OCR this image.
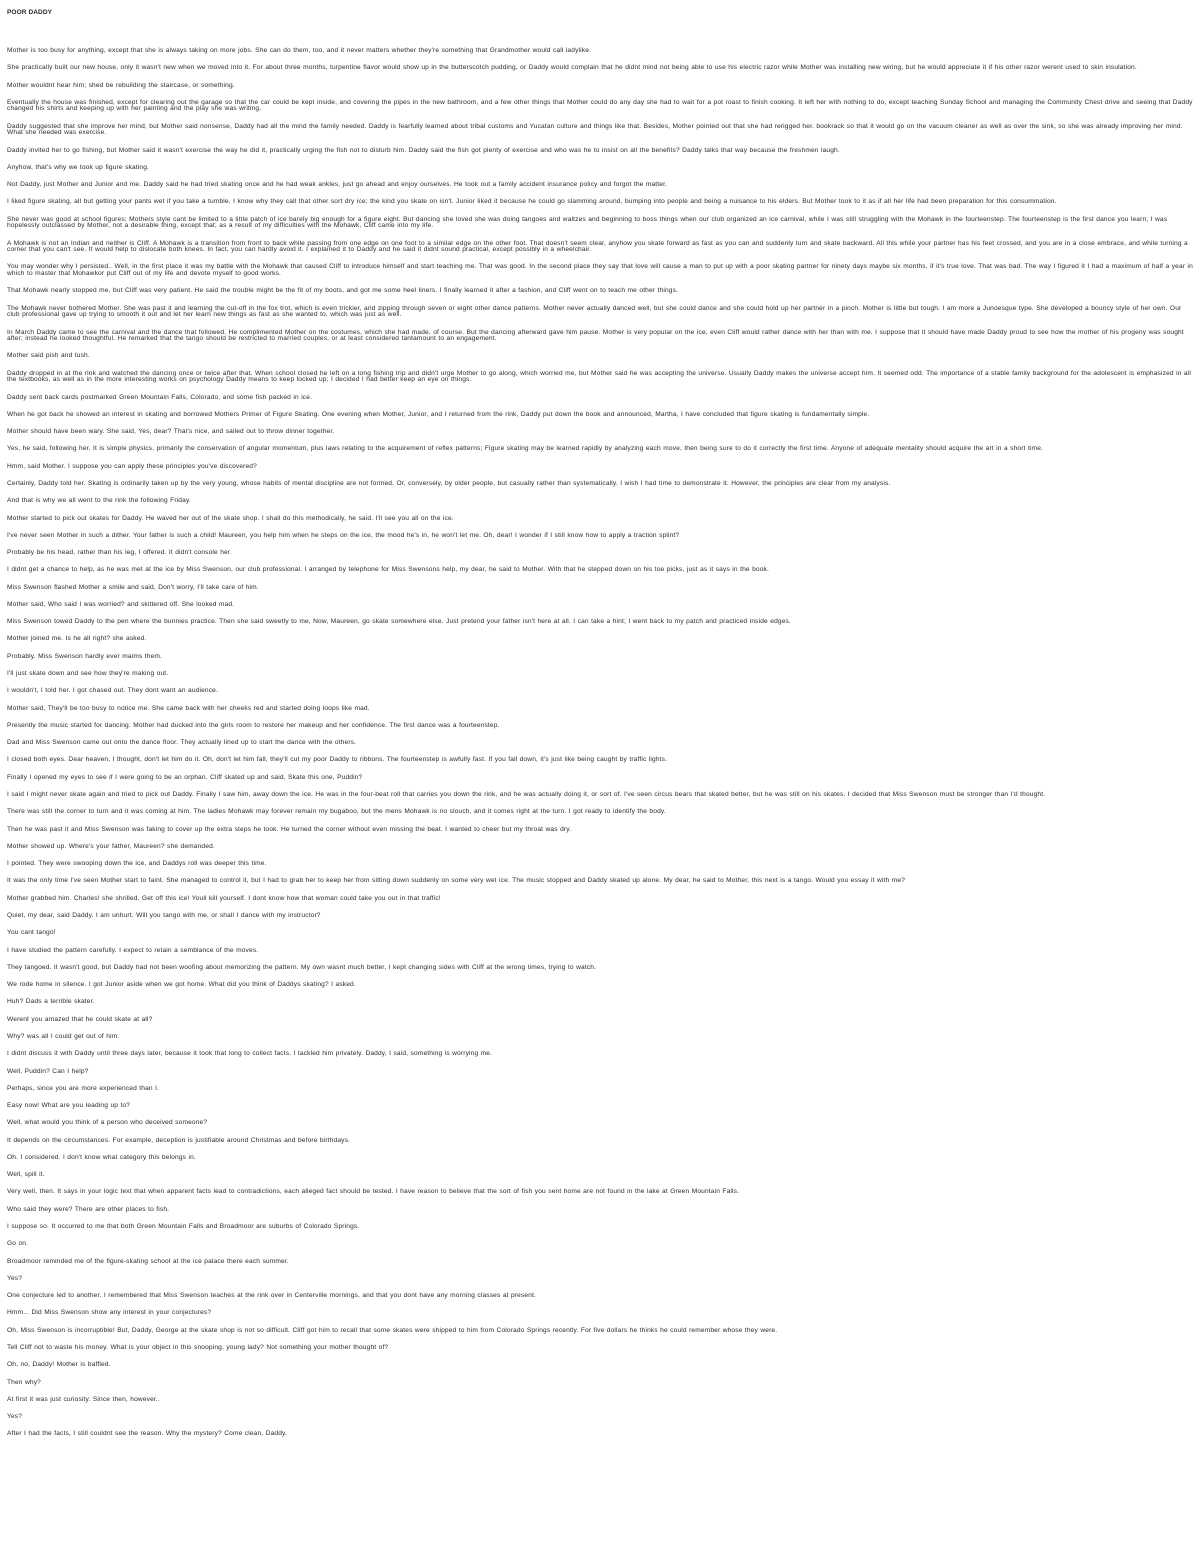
POOR DADDY

Mother is too busy for anything, except that she is always taking on more jobs. She can do them, too, and it never matters whether they're something that Grandmother would call ladylike.

She practically built our new house, only it wasn't new when we moved into it. For about three months, turpentine flavor would show up in the butterscotch pudding, or Daddy would complain that he didnt mind not being able to use his electric razor while Mother was installing new wiring, but he would appreciate it if his other razor werent used to skin insulation.

Mother wouldnt hear him; shed be rebuilding the staircase, or something.

Eventually the house was finished, except for clearing out the garage so that the car could be kept inside, and covering the pipes in the new bathroom, and a few other things that Mother could do any day she had to wait for a pot roast to finish cooking. It left her with nothing to do, except teaching Sunday School and managing the Community Chest drive and seeing that Daddy changed his shirts and keeping up with her painting and the play she was writing.

Daddy suggested that she improve her mind, but Mother said nonsense, Daddy had all the mind the family needed. Daddy is fearfully learned about tribal customs and Yucatan culture and things like that. Besides, Mother pointed out that she had rerigged her. bookrack so that it would go on the vacuum cleaner as well as over the sink, so she was already improving her mind. What she needed was exercise.

Daddy invited her to go fishing, but Mother said it wasn't exercise the way he did it, practically urging the fish not to disturb him. Daddy said the fish got plenty of exercise and who was he to insist on all the benefits? Daddy talks that way because the freshmen laugh.

Anyhow, that's why we took up figure skating.

Not Daddy, just Mother and Junior and me. Daddy said he had tried skating once and he had weak ankles, just go ahead and enjoy ourselves. He took out a family accident insurance policy and forgot the matter.

I liked figure skating, all but getting your pants wet if you take a tumble. I know why they call that other sort dry ice; the kind you skate on isn't. Junior liked it because he could go slamming around, bumping into people and being a nuisance to his elders. But Mother took to it as if all her life had been preparation for this consummation.

She never was good at school figures; Mothers style cant be limited to a little patch of ice barely big enough for a figure eight. But dancing she loved she was doing tangoes and waltzes and beginning to boss things when our club organized an ice carnival, while I was still struggling with the Mohawk in the fourteenstep. The fourteenstep is the first dance you learn; I was hopelessly outclassed by Mother, not a desirable thing, except that; as a result of my difficulties with the Mohawk, Cliff came into my life.

A Mohawk is not an Indian and neither is Cliff. A Mohawk is a transition from front to back while passing from one edge on one foot to a similar edge on the other foot. That doesn't seem clear, anyhow you skate forward as fast as you can and suddenly turn and skate backward. All this while your partner has his feet crossed, and you are in a close embrace, and while turning a corner that you can't see. It would help to dislocate both knees. In fact, you can hardly avoid it. I explained it to Daddy and he said it didnt sound practical, except possibly in a wheelchair.

You may wonder why I persisted.. Well, in the first place it was my battle with the Mohawk that caused Cliff to introduce himself and start teaching me. That was good. In the second place they say that love will cause a man to put up with a poor skating partner for ninety days maybe six months, if it's true love. That was bad. The way I figured it I had a maximum of half a year in which to master that Mohawkor put Cliff out of my life and devote myself to good works.

That Mohawk nearly stopped me, but Cliff was very patient. He said the trouble might be the fit of my boots, and got me some heel liners. I finally learned it after a fashion, and Cliff went on to teach me other things.

The Mohawk never bothered Mother. She was past it and learning the cut-off in the fox trot, which is even trickier, and zipping through seven or eight other dance patterns. Mother never actually danced well, but she could dance and she could hold up her partner in a pinch. Mother is little but tough. I am more a Junoesque type. She developed a bouncy style of her own. Our club professional gave up trying to smooth it out and let her learn new things as fast as she wanted to, which was just as well.

In March Daddy came to see the carnival and the dance that followed. He complimented Mother on the costumes, which she had made, of course. But the dancing afterward gave him pause. Mother is very popular on the ice, even Cliff would rather dance with her than with me. I suppose that it should have made Daddy proud to see how the mother of his progeny was sought after; instead he looked thoughtful. He remarked that the tango should be restricted to married couples, or at least considered tantamount to an engagement.

Mother said pish and tush.

Daddy dropped in at the rink and watched the dancing once or twice after that. When school closed he left on a long fishing trip and didn't urge Mother to go along, which worried me, but Mother said he was accepting the universe. Usually Daddy makes the universe accept him. It seemed odd. The importance of a stable family background for the adolescent is emphasized in all the textbooks, as well as in the more interesting works on psychology Daddy means to keep locked up; I decided I had better keep an eye on things.

Daddy sent back cards postmarked Green Mountain Falls, Colorado, and some fish packed in ice.

When he got back he showed an interest in skating and borrowed Mothers Primer of Figure Skating. One evening when Mother, Junior, and I returned from the rink, Daddy put down the book and announced, Martha, I have concluded that figure skating is fundamentally simple.

Mother should have been wary. She said, Yes, dear? That's nice, and sailed out to throw dinner together.

Yes, he said, following her. It is simple physics, primarily the conservation of angular momentum, plus laws relating to the acquirement of reflex patterns; Figure skating may be learned rapidly by analyzing each move, then being sure to do it correctly the first time. Anyone of adequate mentality should acquire the art in a short time.

Hmm, said Mother. I suppose you can apply these principles you've discovered?

Certainly, Daddy told her. Skating is ordinarily taken up by the very young, whose habits of mental discipline are not formed. Or, conversely, by older people, but casually rather than systematically. I wish I had time to demonstrate it. However, the principles are clear from my analysis.

And that is why we all went to the rink the following Friday.

Mother started to pick out skates for Daddy. He waved her out of the skate shop. I shall do this methodically, he said. I'll see you all on the ice.

I've never seen Mother in such a dither. Your father is such a child! Maureen, you help him when he steps on the ice, the mood he's in, he won't let me. Oh, dear! I wonder if I still know how to apply a traction splint?

Probably be his head, rather than his leg, I offered. It didn't console her.

I didnt get a chance to help, as he was met at the ice by Miss Swenson, our club professional. I arranged by telephone for Miss Swensons help, my dear, he said to Mother. With that he stepped down on his toe picks, just as it says in the book.

Miss Swenson flashed Mother a smile and said, Don't worry, I'll take care of him.

Mother said, Who said I was worried? and skittered off. She looked mad.

Miss Swenson towed Daddy to the pen where the bunnies practice. Then she said sweetly to me, Now, Maureen, go skate somewhere else. Just pretend your father isn't here at all. I can take a hint; I went back to my patch and practiced inside edges.

Mother joined me. Is he all right? she asked.

Probably. Miss Swenson hardly ever maims them.

I'll just skate down and see how they're making out.

I wouldn't, I told her. I got chased out. They dont want an audience.

Mother said, They'll be too busy to notice me. She came back with her cheeks red and started doing loops like mad.

Presently the music started for dancing. Mother had ducked into the girls room to restore her makeup and her confidence. The first dance was a fourteenstep.

Dad and Miss Swenson came out onto the dance floor. They actually lined up to start the dance with the others.

I closed both eyes. Dear heaven, I thought, don't let him do it. Oh, don't let him fall, they'll cut my poor Daddy to ribbons. The fourteenstep is awfully fast. If you fall down, it's just like being caught by traffic lights.

Finally I opened my eyes to see if I were going to be an orphan. Cliff skated up and said, Skate this one, Puddin?

I said I might never skate again and tried to pick out Daddy. Finally I saw him, away down the ice. He was in the four-beat roll that carries you down the rink, and he was actually doing it, or sort of. I've seen circus bears that skated better, but he was still on his skates. I decided that Miss Swenson must be stronger than I'd thought.

There was still the corner to turn and it was coming at him. The ladies Mohawk may forever remain my bugaboo, but the mens Mohawk is no slouch, and it comes right at the turn. I got ready to identify the body.

Then he was past it and Miss Swenson was faking to cover up the extra steps he took. He turned the corner without even missing the beat. I wanted to cheer but my throat was dry.

Mother showed up. Where's your father, Maureen? she demanded.

I pointed. They were swooping down the ice, and Daddys roll was deeper this time.

It was the only time I've seen Mother start to faint. She managed to control it, but I had to grab her to keep her from sitting down suddenly on some very wet ice. The music stopped and Daddy skated up alone. My dear, he said to Mother, this next is a tango. Would you essay it with me?

Mother grabbed him. Charles! she shrilled. Get off this ice! Youll kill yourself. I dont know how that woman could take you out in that traffic!

Quiet, my dear, said Daddy. I am unhurt. Will you tango with me, or shall I dance with my instructor?

You cant tango!

I have studied the pattern carefully. I expect to retain a semblance of the moves.

They tangoed. It wasn't good, but Daddy had not been woofing about memorizing the pattern. My own wasnt much better, I kept changing sides with Cliff at the wrong times, trying to watch.

We rode home in silence. I got Junior aside when we got home. What did you think of Daddys skating? I asked.

Huh? Dads a terrible skater.

Werent you amazed that he could skate at all?

Why? was all I could get out of him.

I didnt discuss it with Daddy until three days later, because it took that long to collect facts. I tackled him privately. Daddy, I said, something is worrying me.

Well, Puddin? Can I help?

Perhaps, since you are more experienced than I.

Easy now! What are you leading up to?

Well, what would you think of a person who deceived someone?

It depends on the circumstances. For example, deception is justifiable around Christmas and before birthdays.

Oh. I considered. I don't know what category this belongs in.

Well, spill it.

Very well, then. It says in your logic text that when apparent facts lead to contradictions, each alleged fact should be tested. I have reason to believe that the sort of fish you sent home are not found in the lake at Green Mountain Falls.

Who said they were? There are other places to fish.

I suppose so. It occurred to me that both Green Mountain Falls and Broadmoor are suburbs of Colorado Springs.

Go on.

Broadmoor reminded me of the figure-skating school at the ice palace there each summer.

Yes?

One conjecture led to another. I remembered that Miss Swenson teaches at the rink over in Centerville mornings, and that you dont have any morning classes at present.

Hmm... Did Miss Swenson show any interest in your conjectures?

Oh, Miss Swenson is incorruptible! But, Daddy, George at the skate shop is not so difficult. Cliff got him to recall that some skates were shipped to him from Colorado Springs recently. For five dollars he thinks he could remember whose they were.

Tell Cliff not to waste his money. What is your object in this snooping, young lady? Not something your mother thought of?

Oh, no, Daddy! Mother is baffled.

Then why?

At first it was just curiosity. Since then, however..

Yes?

After I had the facts, I still couldnt see the reason. Why the mystery? Come clean, Daddy.
